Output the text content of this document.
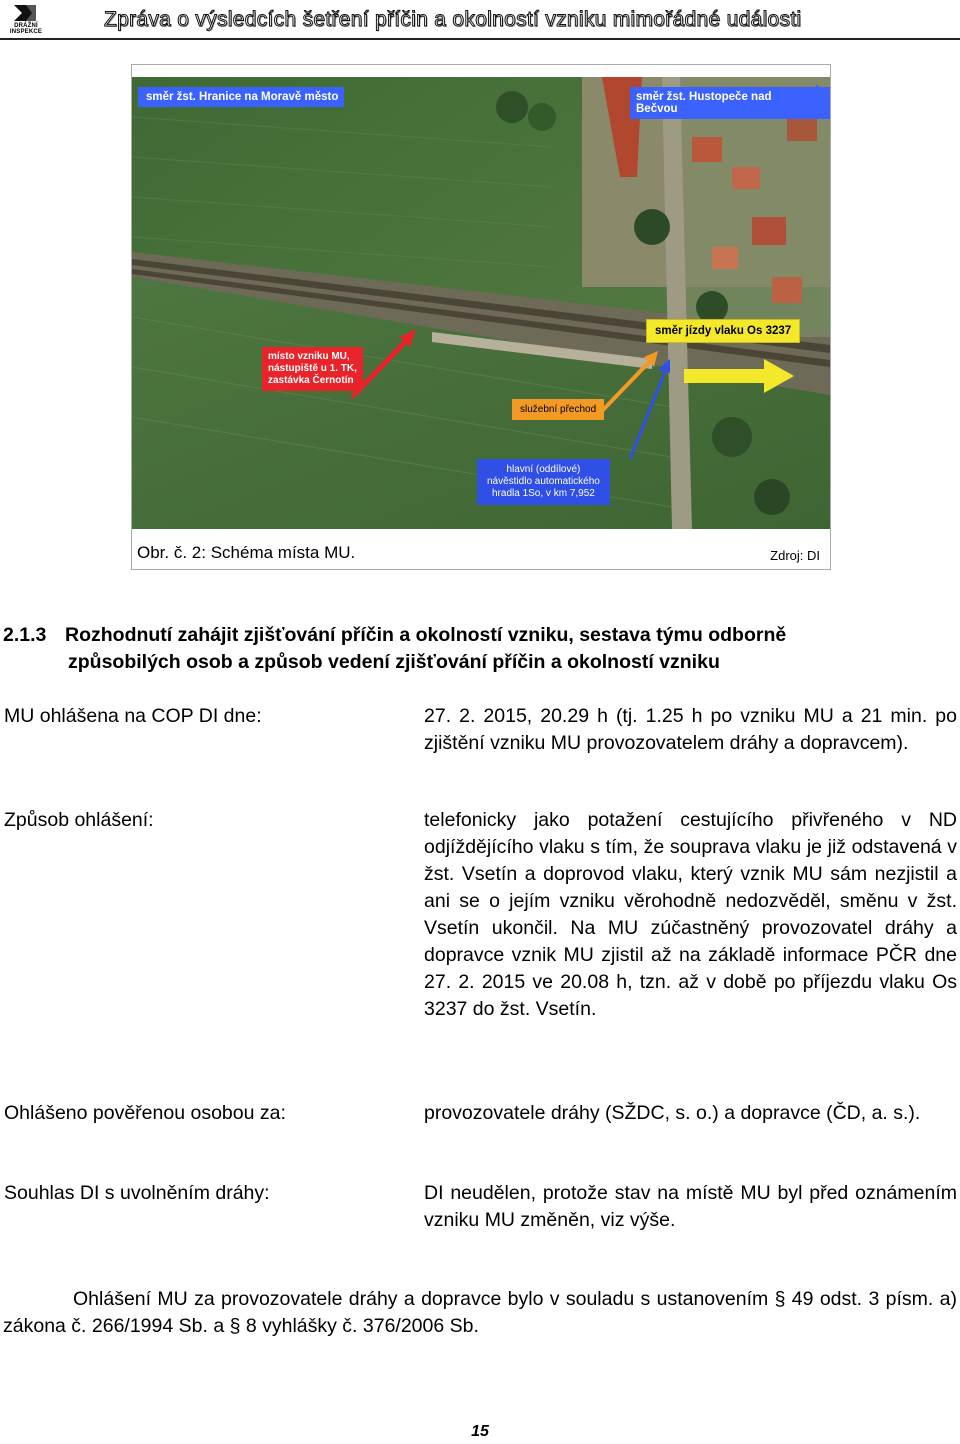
DRÁŽNÍ INSPEKCE
Zpráva o výsledcích šetření příčin a okolností vzniku mimořádné události
směr žst. Hranice na Moravě město	směr žst. Hustopeče nad Bečvou
směr jízdy vlaku Os 3237
místo vzniku MU,
nástupiště u 1. TK,
zastávka Černotín
služební přechod
hlavní (oddílové)
návěstidlo automatického
hradla 1So, v km 7,952
Obr. č. 2: Schéma místa MU.	Zdroj: DI
2.1.3 Rozhodnutí zahájit zjišťování příčin a okolností vzniku, sestava týmu odborně
způsobilých osob a způsob vedení zjišťování příčin a okolností vzniku
MU ohlášena na COP DI dne:	27. 2. 2015, 20.29 h (tj. 1.25 h po vzniku MU a 21 min. po zjištění vzniku MU provozovatelem dráhy a dopravcem).
Způsob ohlášení:	telefonicky jako potažení cestujícího přivřeného v ND odjíždějícího vlaku s tím, že souprava vlaku je již odstavená v žst. Vsetín a doprovod vlaku, který vznik MU sám nezjistil a ani se o jejím vzniku věrohodně nedozvěděl, směnu v žst. Vsetín ukončil. Na MU zúčastněný provozovatel dráhy a dopravce vznik MU zjistil až na základě informace PČR dne 27. 2. 2015 ve 20.08 h, tzn. až v době po příjezdu vlaku Os 3237 do žst. Vsetín.
Ohlášeno pověřenou osobou za:	provozovatele dráhy (SŽDC, s. o.) a dopravce (ČD, a. s.).
Souhlas DI s uvolněním dráhy:	DI neudělen, protože stav na místě MU byl před oznámením vzniku MU změněn, viz výše.
Ohlášení MU za provozovatele dráhy a dopravce bylo v souladu s ustanovením § 49 odst. 3 písm. a) zákona č. 266/1994 Sb. a § 8 vyhlášky č. 376/2006 Sb.
15
